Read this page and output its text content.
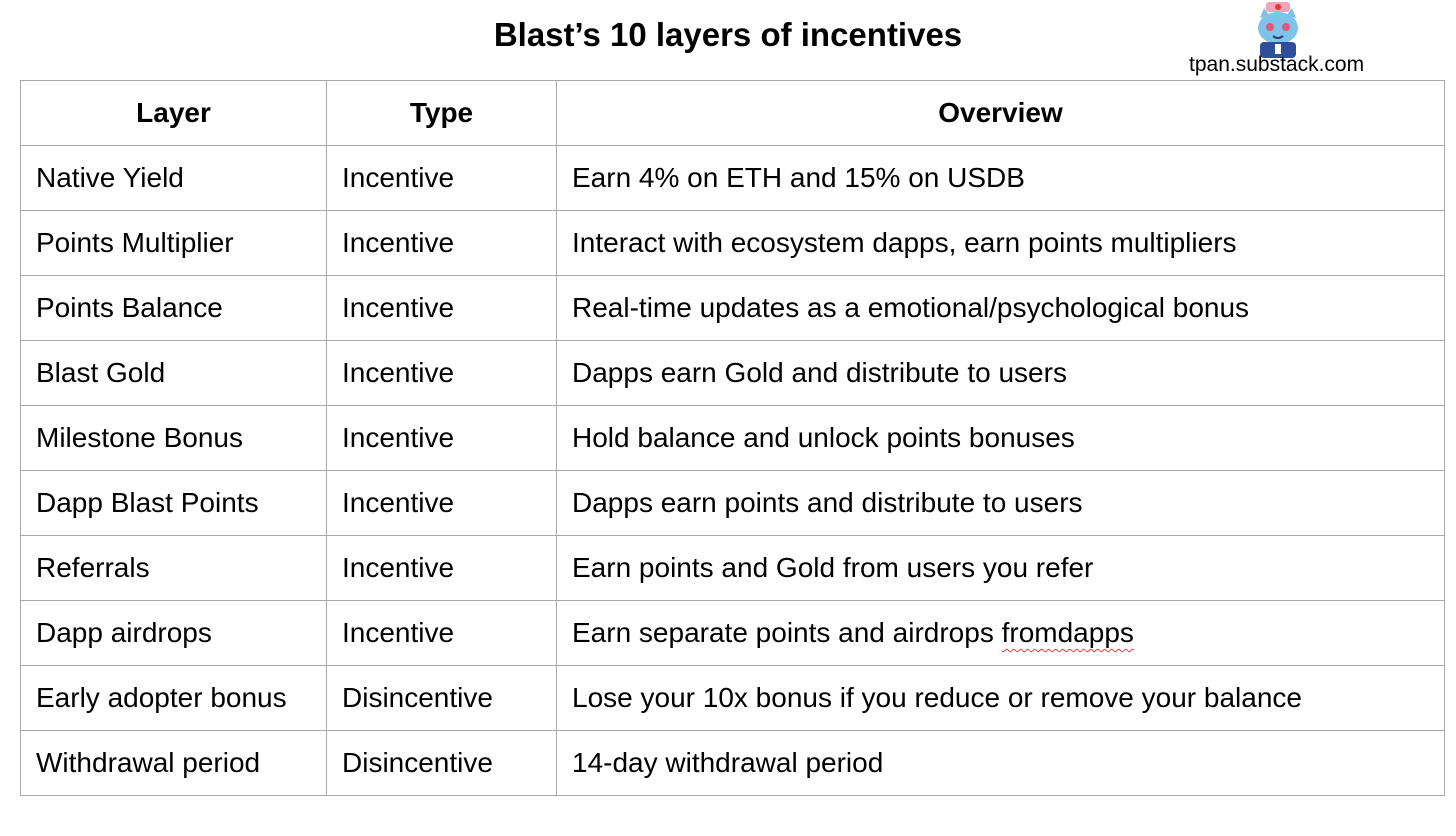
Blast’s 10 layers of incentives
tpan.substack.com
Layer	Type	Overview
Native Yield	Incentive	Earn 4% on ETH and 15% on USDB
Points Multiplier	Incentive	Interact with ecosystem dapps, earn points multipliers
Points Balance	Incentive	Real-time updates as a emotional/psychological bonus
Blast Gold	Incentive	Dapps earn Gold and distribute to users
Milestone Bonus	Incentive	Hold balance and unlock points bonuses
Dapp Blast Points	Incentive	Dapps earn points and distribute to users
Referrals	Incentive	Earn points and Gold from users you refer
Dapp airdrops	Incentive	Earn separate points and airdrops fromdapps
Early adopter bonus	Disincentive	Lose your 10x bonus if you reduce or remove your balance
Withdrawal period	Disincentive	14-day withdrawal period
